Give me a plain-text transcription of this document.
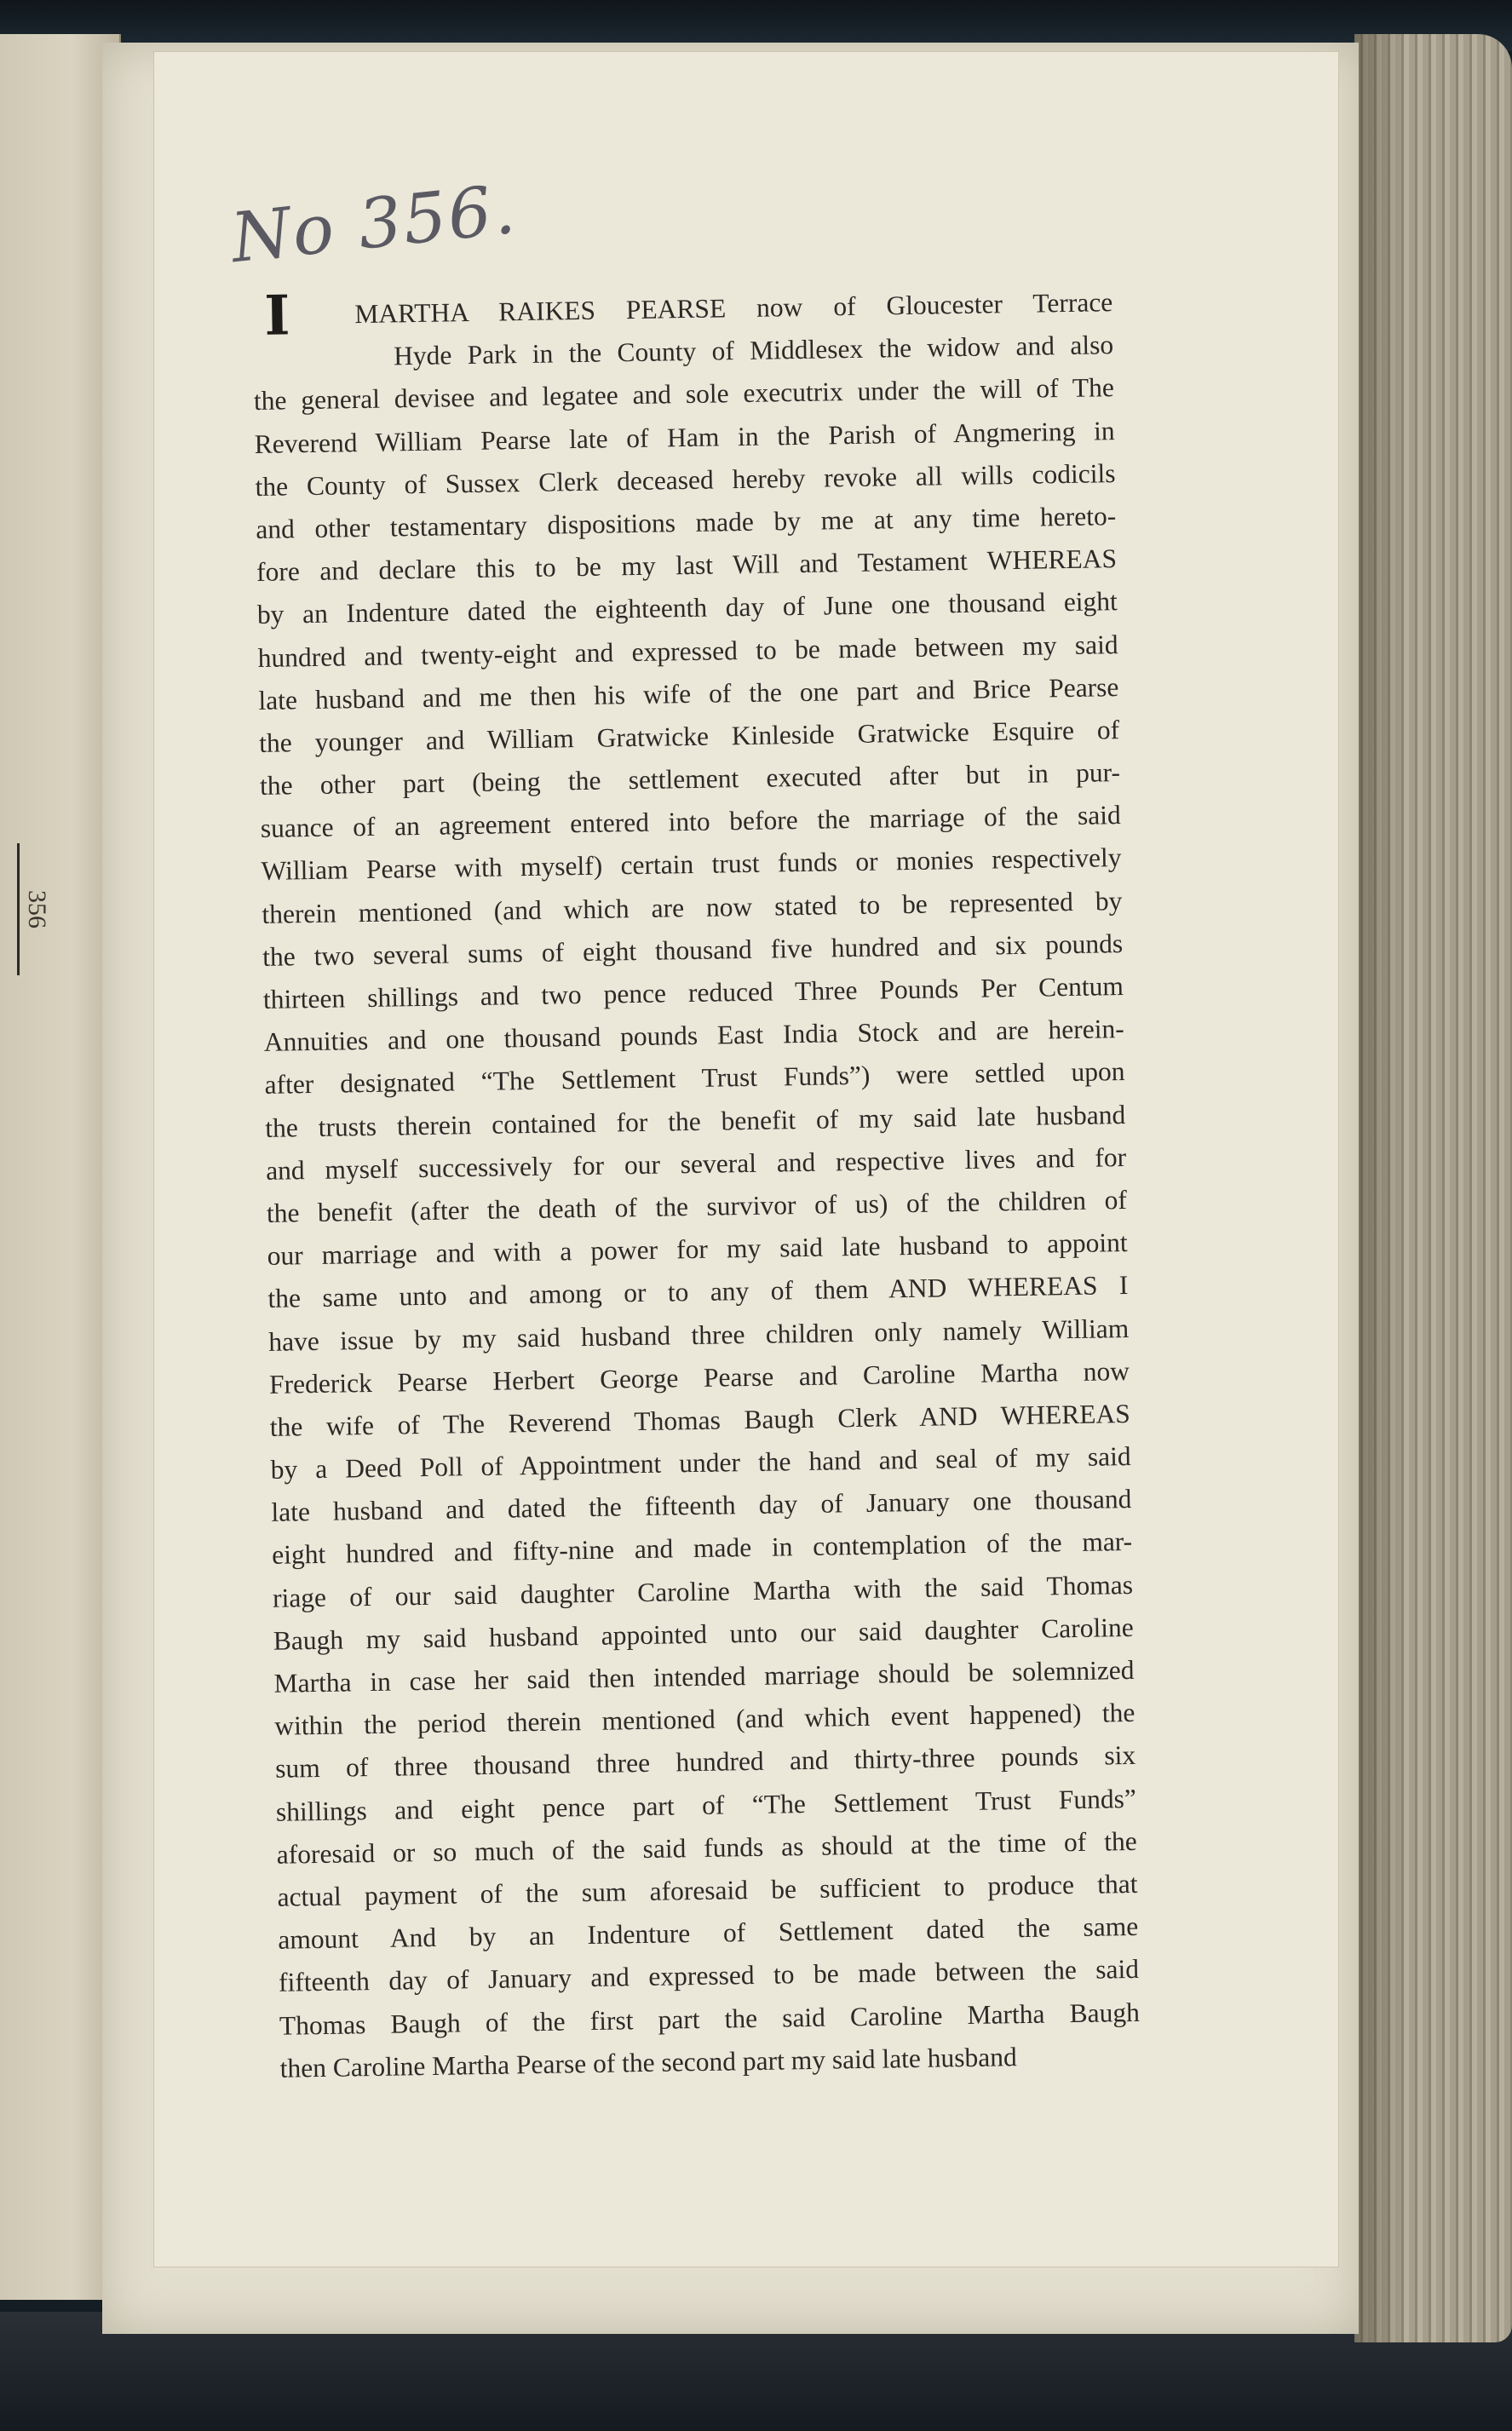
356
No 356.
I	MARTHA RAIKES PEARSE now of Gloucester Terrace
Hyde Park in the County of Middlesex the widow and also
the general devisee and legatee and sole executrix under the will of The
Reverend William Pearse late of Ham in the Parish of Angmering in
the County of Sussex Clerk deceased hereby revoke all wills codicils
and other testamentary dispositions made by me at any time hereto-
fore and declare this to be my last Will and Testament WHEREAS
by an Indenture dated the eighteenth day of June one thousand eight
hundred and twenty-eight and expressed to be made between my said
late husband and me then his wife of the one part and Brice Pearse
the younger and William Gratwicke Kinleside Gratwicke Esquire of
the other part (being the settlement executed after but in pur-
suance of an agreement entered into before the marriage of the said
William Pearse with myself) certain trust funds or monies respectively
therein mentioned (and which are now stated to be represented by
the two several sums of eight thousand five hundred and six pounds
thirteen shillings and two pence reduced Three Pounds Per Centum
Annuities and one thousand pounds East India Stock and are herein-
after designated “The Settlement Trust Funds”) were settled upon
the trusts therein contained for the benefit of my said late husband
and myself successively for our several and respective lives and for
the benefit (after the death of the survivor of us) of the children of
our marriage and with a power for my said late husband to appoint
the same unto and among or to any of them AND WHEREAS I
have issue by my said husband three children only namely William
Frederick Pearse Herbert George Pearse and Caroline Martha now
the wife of The Reverend Thomas Baugh Clerk AND WHEREAS
by a Deed Poll of Appointment under the hand and seal of my said
late husband and dated the fifteenth day of January one thousand
eight hundred and fifty-nine and made in contemplation of the mar-
riage of our said daughter Caroline Martha with the said Thomas
Baugh my said husband appointed unto our said daughter Caroline
Martha in case her said then intended marriage should be solemnized
within the period therein mentioned (and which event happened) the
sum of three thousand three hundred and thirty-three pounds six
shillings and eight pence part of “The Settlement Trust Funds”
aforesaid or so much of the said funds as should at the time of the
actual payment of the sum aforesaid be sufficient to produce that
amount And by an Indenture of Settlement dated the same
fifteenth day of January and expressed to be made between the said
Thomas Baugh of the first part the said Caroline Martha Baugh
then Caroline Martha Pearse of the second part my said late husband
